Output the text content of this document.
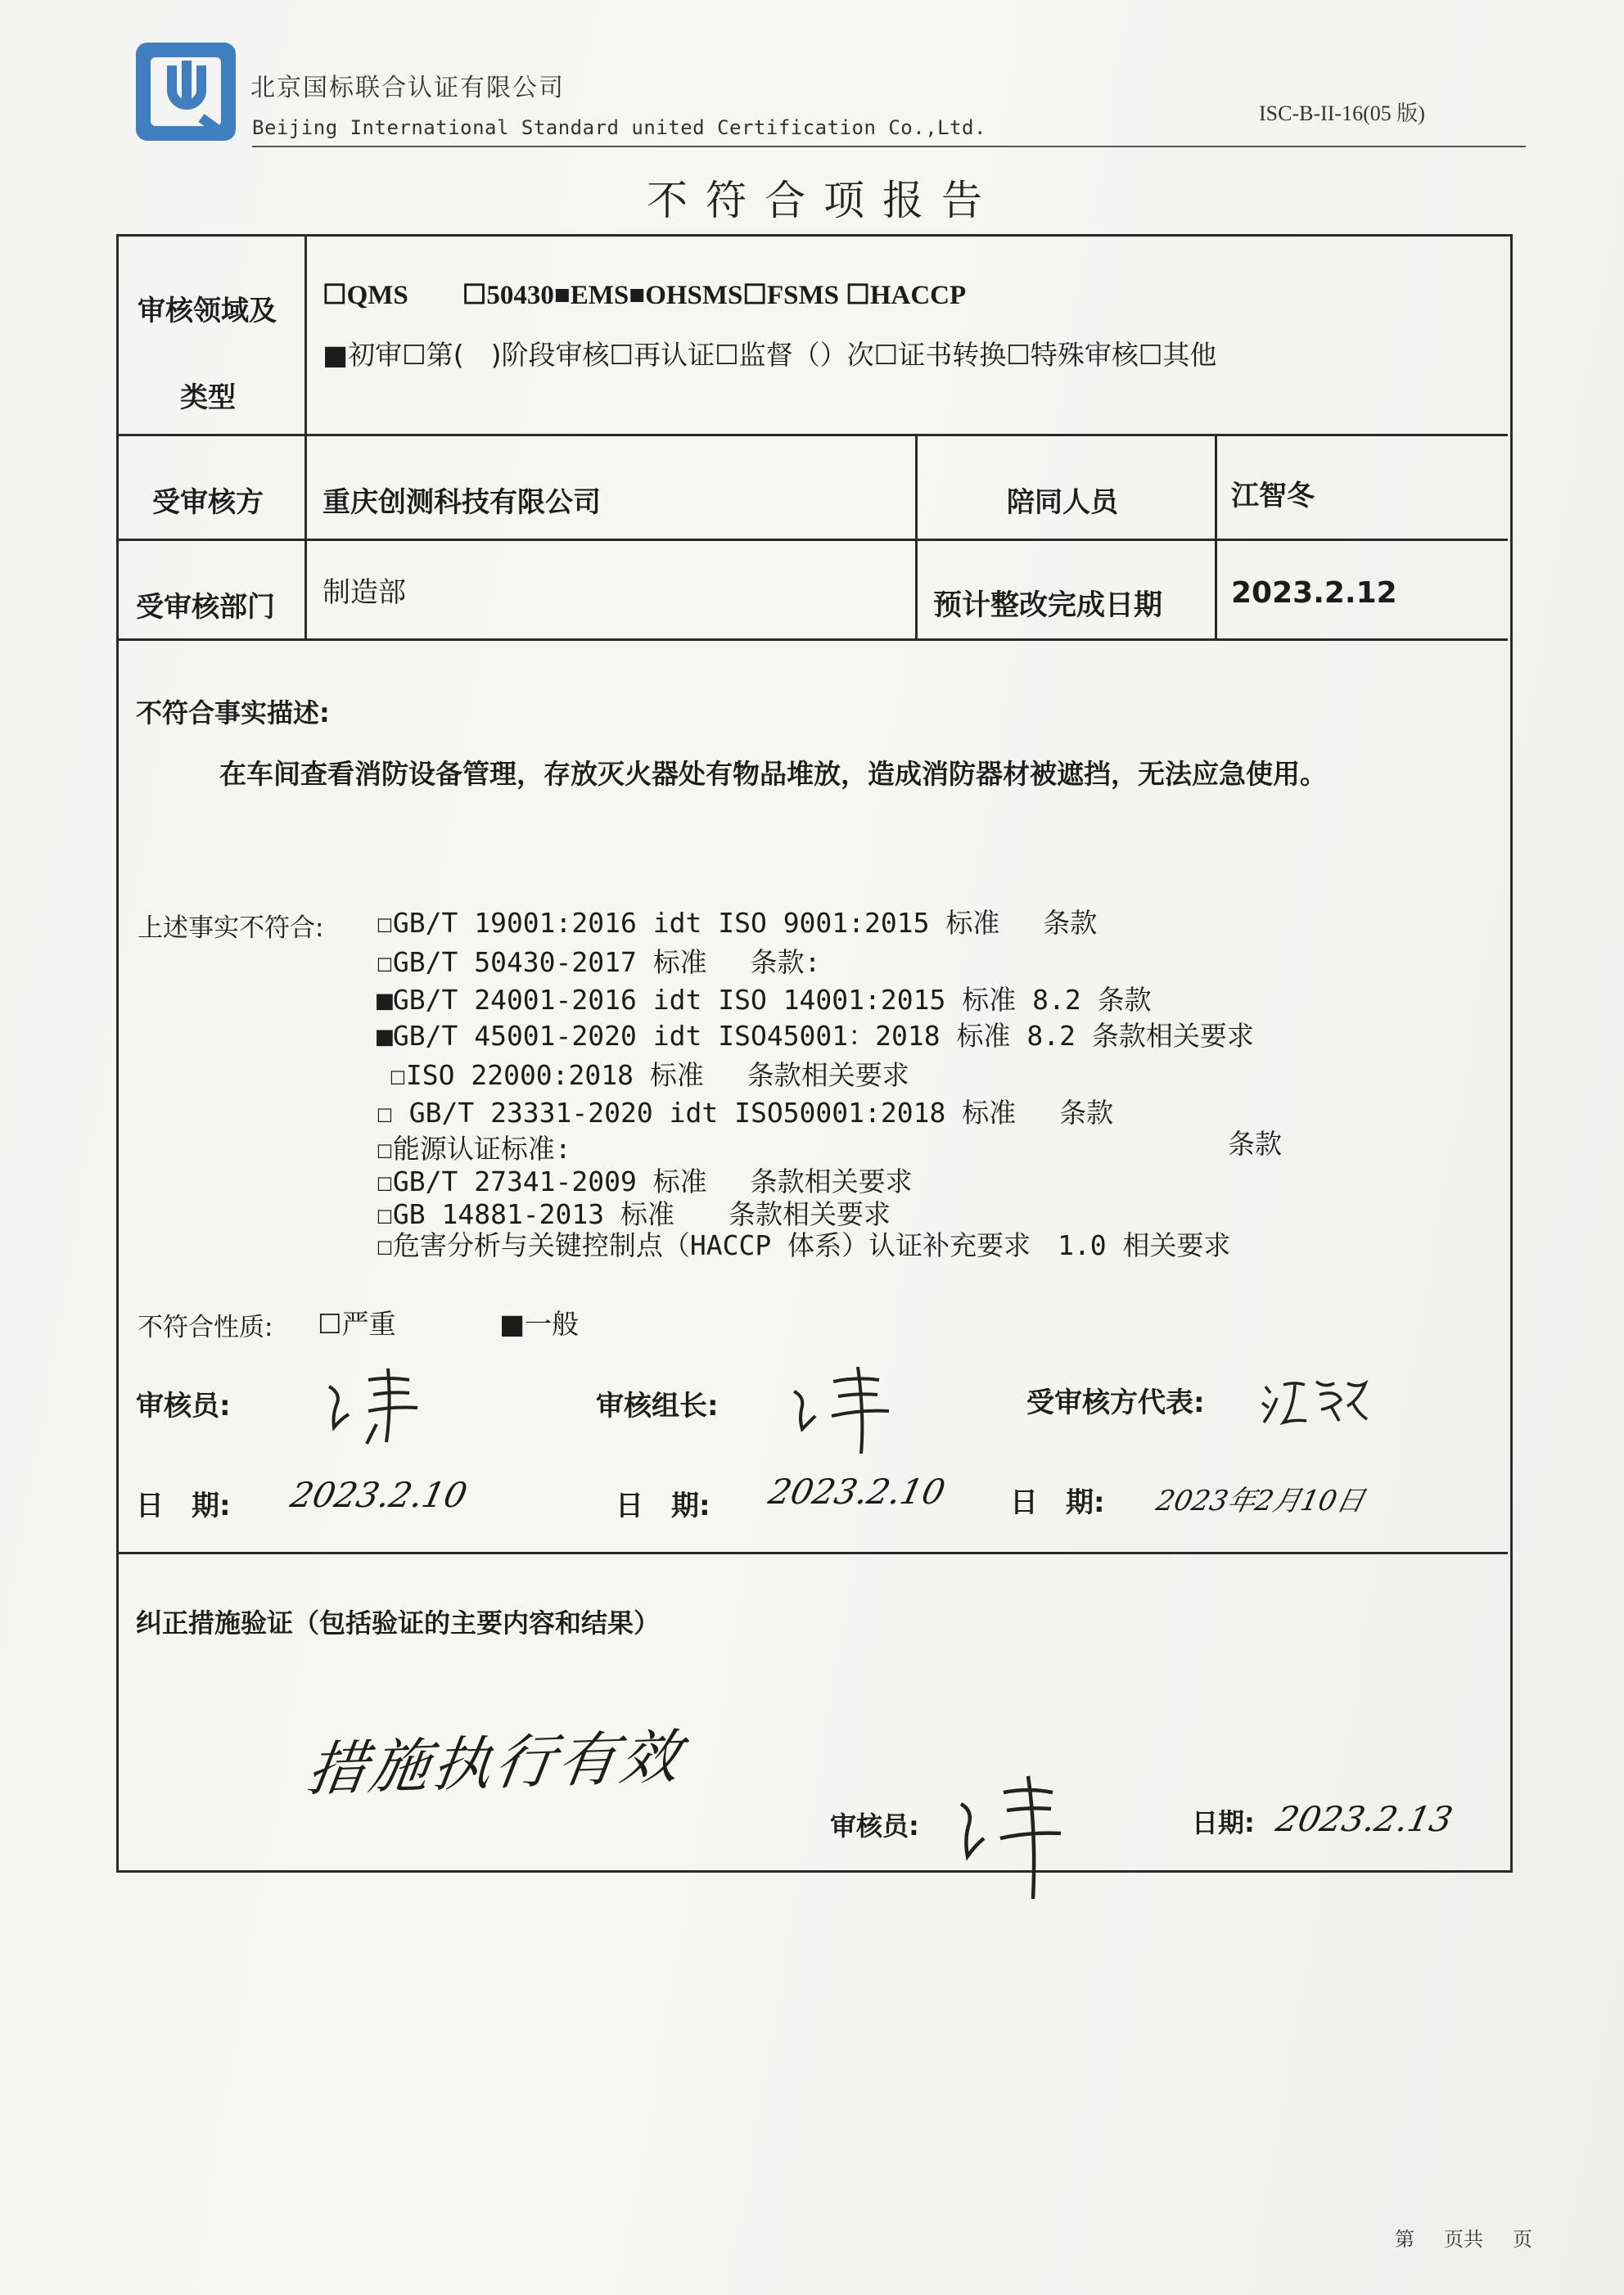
北京国标联合认证有限公司
Beijing International Standard united Certification Co.,Ltd.
ISC-B-II-16(05 版)
不符合项报告
审核领域及
类型
☐QMS　　☐50430■EMS■OHSMS☐FSMS ☐HACCP
■初审☐第(　)阶段审核☐再认证☐监督（）次☐证书转换☐特殊审核☐其他
受审核方 重庆创测科技有限公司	陪同人员	江智冬
受审核部门 制造部	预计整改完成日期 2023.2.12
不符合事实描述:
在车间查看消防设备管理，存放灭火器处有物品堆放，造成消防器材被遮挡，无法应急使用。
上述事实不符合: ☐GB/T 19001:2016 idt ISO 9001:2015 标准　 条款
☐GB/T 50430-2017 标准　 条款:
■GB/T 24001-2016 idt ISO 14001:2015 标准 8.2 条款
■GB/T 45001-2020 idt ISO45001：2018 标准 8.2 条款相关要求
☐ISO 22000:2018 标准　 条款相关要求
☐ GB/T 23331-2020 idt ISO50001:2018 标准　 条款
☐能源认证标准:	条款
☐GB/T 27341-2009 标准　 条款相关要求
☐GB 14881-2013 标准　　条款相关要求
☐危害分析与关键控制点（HACCP 体系）认证补充要求　1.0 相关要求
不符合性质: ☐严重	■一般
审核员:	审核组长:	受审核方代表:
日　期: 2023.2.10	日　期: 2023.2.10 日　期: 2023年2月10日
纠正措施验证（包括验证的主要内容和结果）
措施执行有效
审核员:	日期: 2023.2.13
第 页共 页
